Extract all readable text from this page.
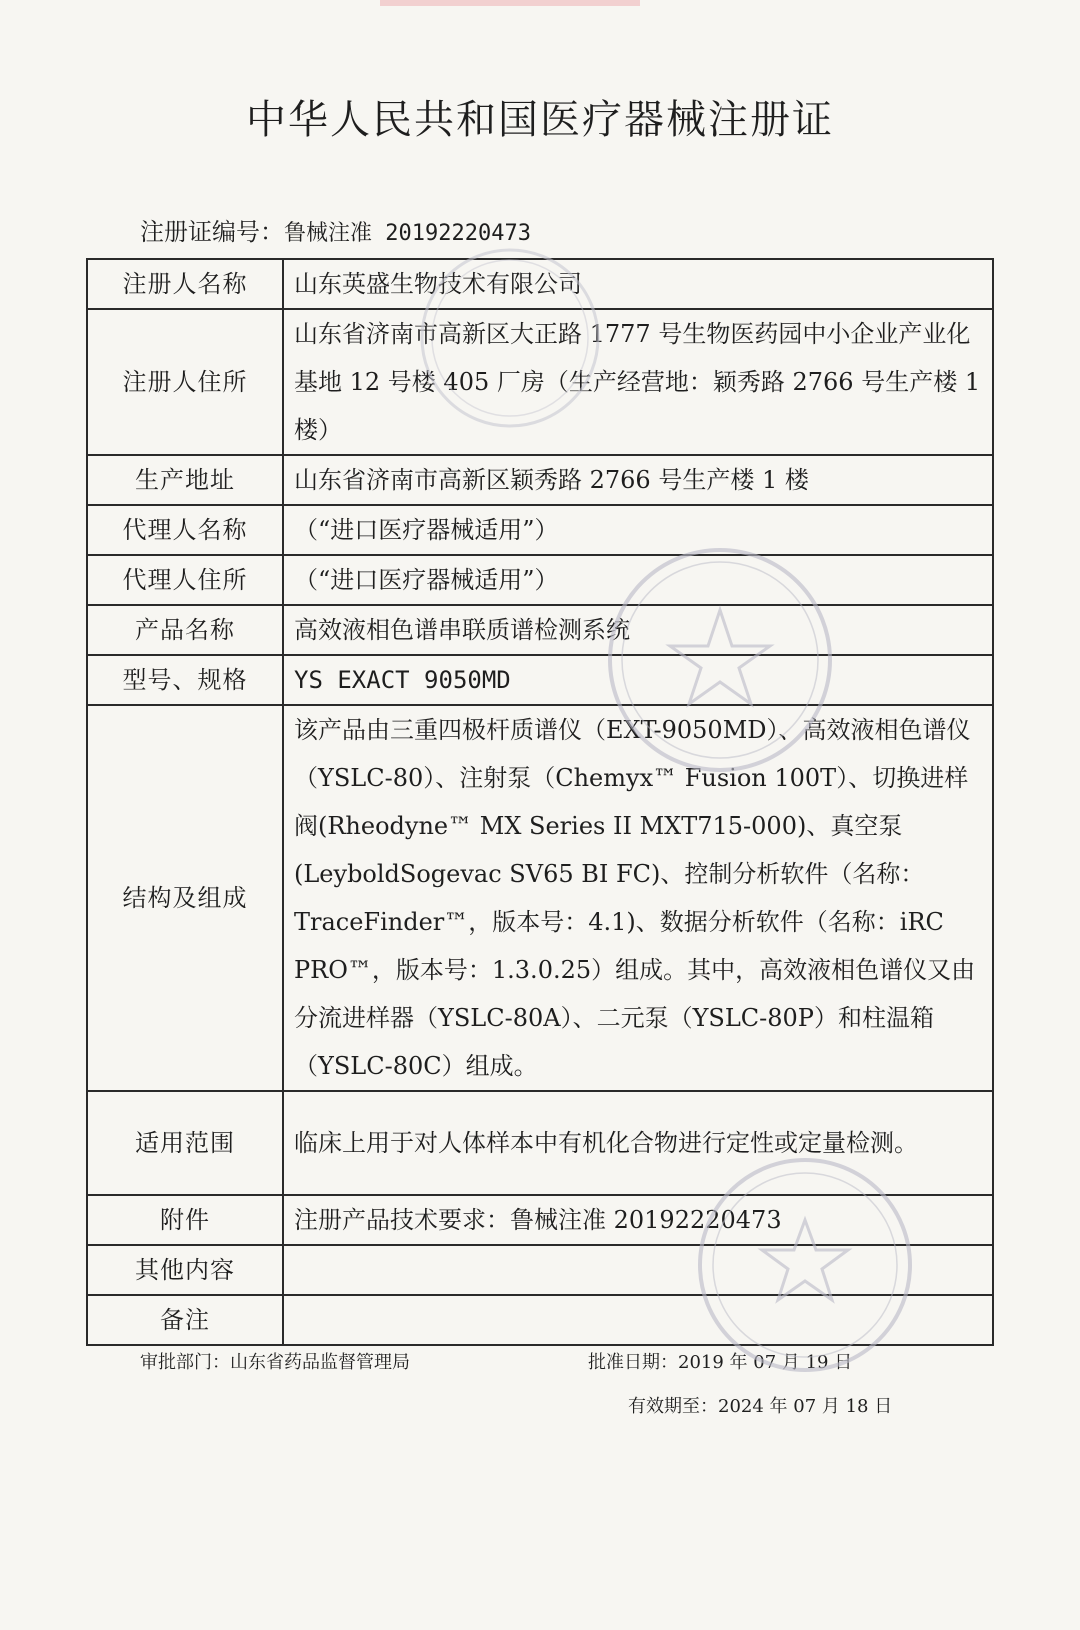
中华人民共和国医疗器械注册证
注册证编号：鲁械注准 20192220473
注册人名称	山东英盛生物技术有限公司
注册人住所	山东省济南市高新区大正路 1777 号生物医药园中小企业产业化基地 12 号楼 405 厂房（生产经营地：颖秀路 2766 号生产楼 1 楼）
生产地址	山东省济南市高新区颖秀路 2766 号生产楼 1 楼
代理人名称	（“进口医疗器械适用”）
代理人住所	（“进口医疗器械适用”）
产品名称	高效液相色谱串联质谱检测系统
型号、规格	YS EXACT 9050MD
结构及组成	该产品由三重四极杆质谱仪（EXT-9050MD）、高效液相色谱仪（YSLC-80）、注射泵（Chemyx™ Fusion 100T）、切换进样阀(Rheodyne™ MX Series II MXT715-000)、真空泵(LeyboldSogevac SV65 BI FC)、控制分析软件（名称：TraceFinder™，版本号：4.1)、数据分析软件（名称：iRC PRO™，版本号：1.3.0.25）组成。其中，高效液相色谱仪又由分流进样器（YSLC-80A）、二元泵（YSLC-80P）和柱温箱（YSLC-80C）组成。
适用范围	临床上用于对人体样本中有机化合物进行定性或定量检测。
附件	注册产品技术要求：鲁械注准 20192220473
其他内容	
备注	
审批部门：山东省药品监督管理局	批准日期：2019 年 07 月 19 日
有效期至：2024 年 07 月 18 日
